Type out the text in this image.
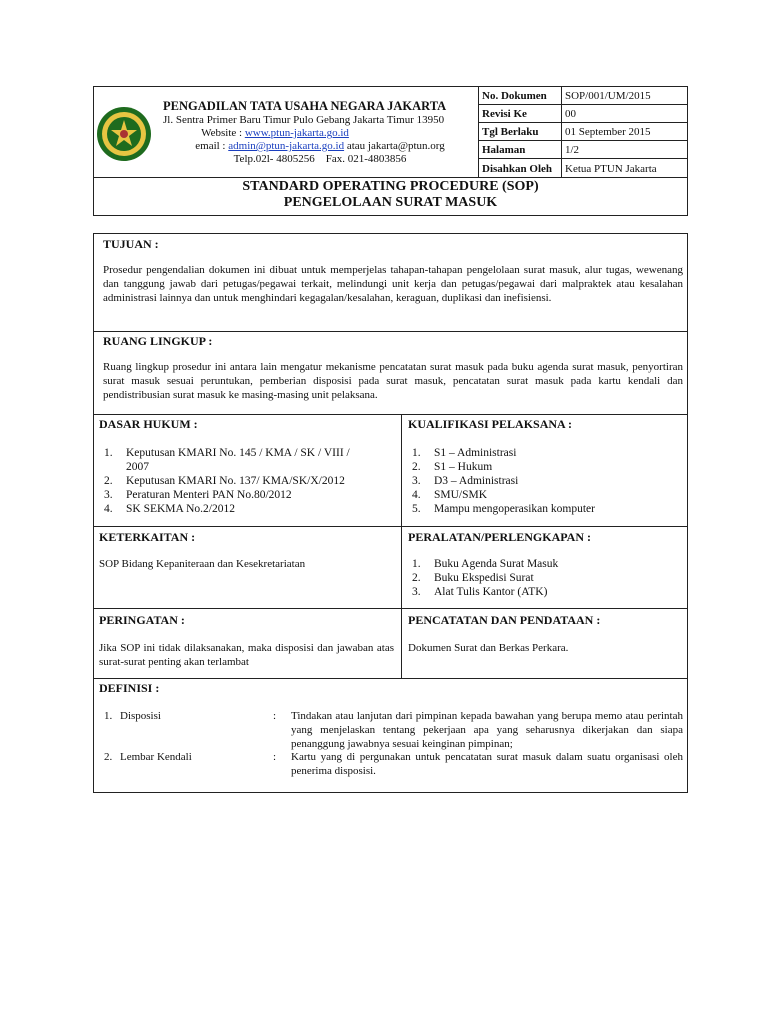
PENGADILAN TATA USAHA NEGARA JAKARTA
Jl. Sentra Primer Baru Timur Pulo Gebang Jakarta Timur 13950
Website : www.ptun-jakarta.go.id
email : admin@ptun-jakarta.go.id atau jakarta@ptun.org
Telp.02l- 4805256    Fax. 021-4803856
No. Dokumen SOP/001/UM/2015
Revisi Ke	00
Tgl Berlaku 01 September 2015
Halaman	1/2
Disahkan Oleh Ketua PTUN Jakarta
STANDARD OPERATING PROCEDURE (SOP)
PENGELOLAAN SURAT MASUK
TUJUAN :
Prosedur pengendalian dokumen ini dibuat untuk memperjelas tahapan-tahapan pengelolaan surat masuk, alur tugas, wewenang dan tanggung jawab dari petugas/pegawai terkait, melindungi unit kerja dan petugas/pegawai dari malpraktek atau kesalahan administrasi lainnya dan untuk menghindari kegagalan/kesalahan, keraguan, duplikasi dan inefisiensi.
RUANG LINGKUP :
Ruang lingkup prosedur ini antara lain mengatur mekanisme pencatatan surat masuk pada buku agenda surat masuk, penyortiran surat masuk sesuai peruntukan, pemberian disposisi pada surat masuk, pencatatan surat masuk pada kartu kendali dan pendistribusian surat masuk ke masing-masing unit pelaksana.
DASAR HUKUM :
1. Keputusan KMARI No. 145 / KMA / SK / VIII / 2007
2. Keputusan KMARI No. 137/ KMA/SK/X/2012
3. Peraturan Menteri PAN No.80/2012
4. SK SEKMA No.2/2012
KUALIFIKASI PELAKSANA :
1. S1 – Administrasi
2. S1 – Hukum
3. D3 – Administrasi
4. SMU/SMK
5. Mampu mengoperasikan komputer
KETERKAITAN :
SOP Bidang Kepaniteraan dan Kesekretariatan
PERALATAN/PERLENGKAPAN :
1. Buku Agenda Surat Masuk
2. Buku Ekspedisi Surat
3. Alat Tulis Kantor (ATK)
PERINGATAN :
Jika SOP ini tidak dilaksanakan, maka disposisi dan jawaban atas surat-surat penting akan terlambat
PENCATATAN DAN PENDATAAN :
Dokumen Surat dan Berkas Perkara.
DEFINISI :
1. Disposisi	: Tindakan atau lanjutan dari pimpinan kepada bawahan yang berupa memo atau perintah yang menjelaskan tentang pekerjaan apa yang seharusnya dikerjakan dan siapa penanggung jawabnya sesuai keinginan pimpinan;
2. Lembar Kendali	: Kartu yang di pergunakan untuk pencatatan surat masuk dalam suatu organisasi oleh penerima disposisi.
